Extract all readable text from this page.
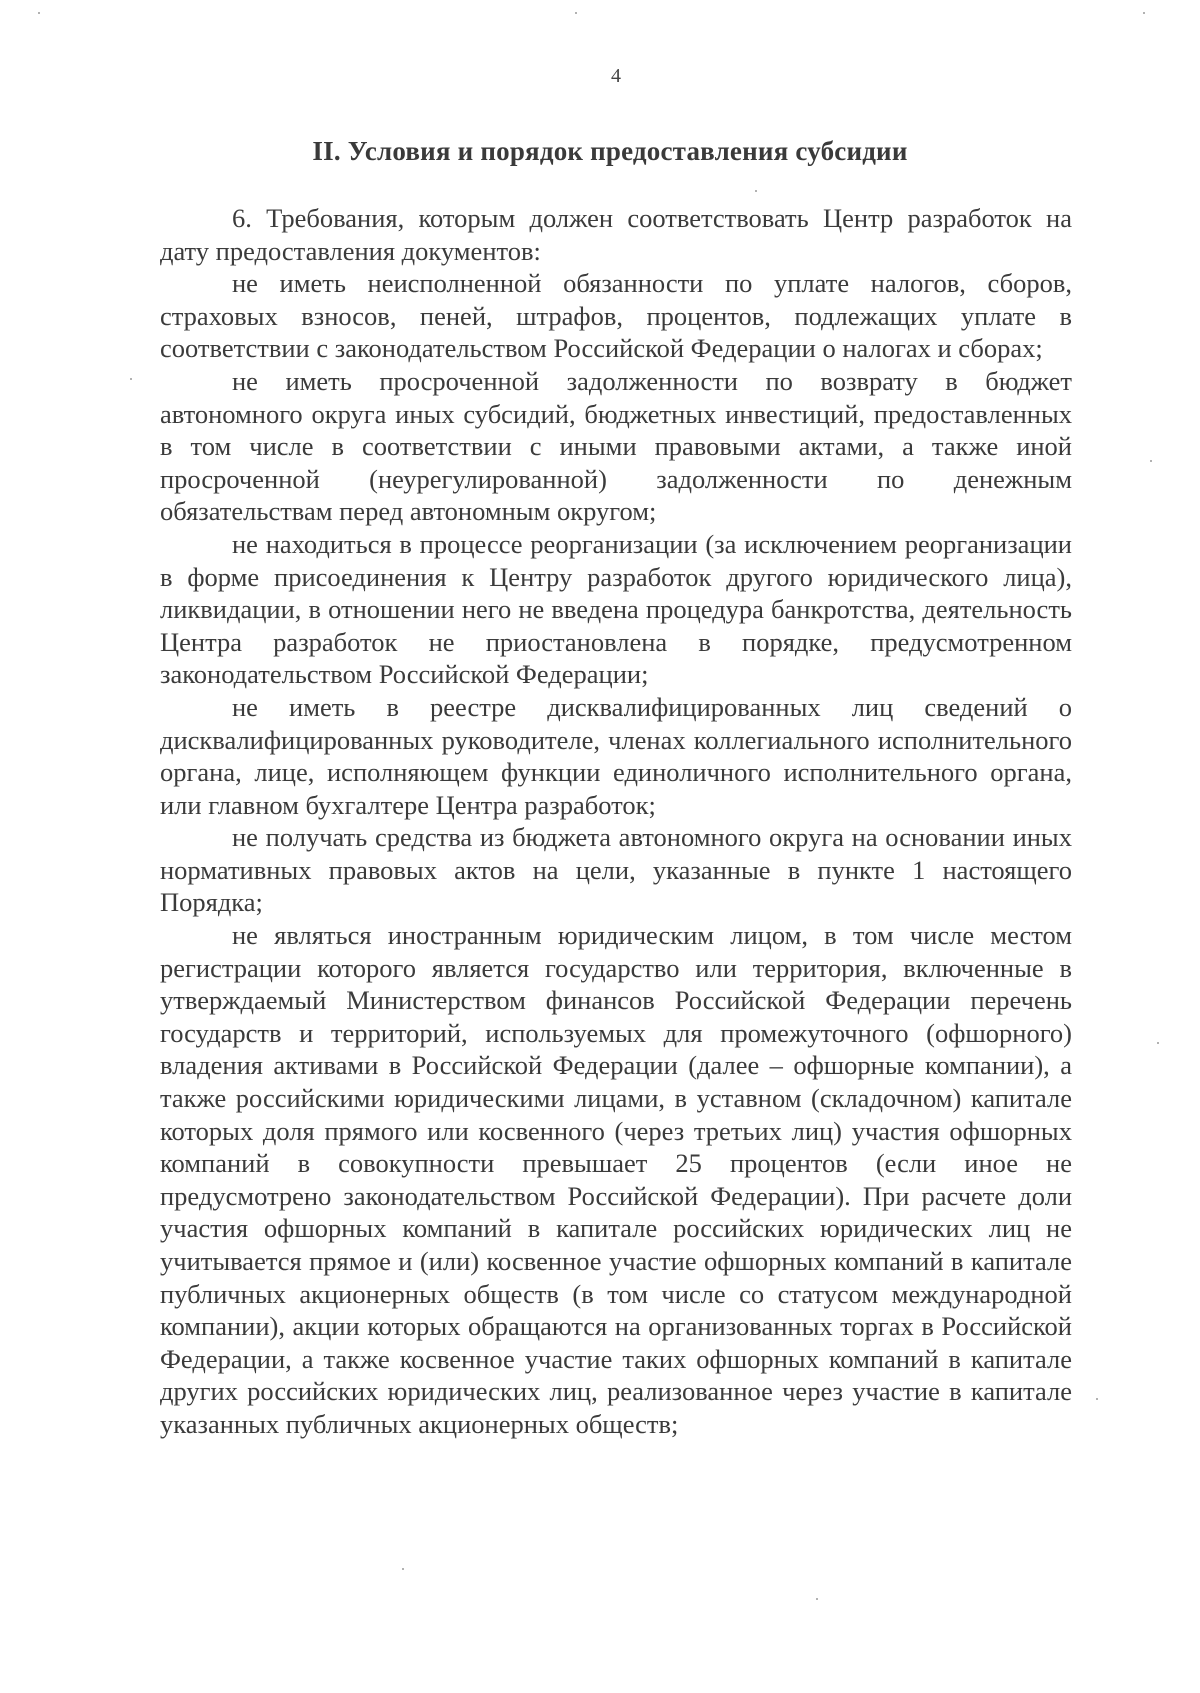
4
II. Условия и порядок предоставления субсидии

6. Требования, которым должен соответствовать Центр разработок на дату предоставления документов:

не иметь неисполненной обязанности по уплате налогов, сборов, страховых взносов, пеней, штрафов, процентов, подлежащих уплате в соответствии с законодательством Российской Федерации о налогах и сборах;

не иметь просроченной задолженности по возврату в бюджет автономного округа иных субсидий, бюджетных инвестиций, предоставленных в том числе в соответствии с иными правовыми актами, а также иной просроченной (неурегулированной) задолженности по денежным обязательствам перед автономным округом;

не находиться в процессе реорганизации (за исключением реорганизации в форме присоединения к Центру разработок другого юридического лица), ликвидации, в отношении него не введена процедура банкротства, деятельность Центра разработок не приостановлена в порядке, предусмотренном законодательством Российской Федерации;

не иметь в реестре дисквалифицированных лиц сведений о дисквалифицированных руководителе, членах коллегиального исполнительного органа, лице, исполняющем функции единоличного исполнительного органа, или главном бухгалтере Центра разработок;

не получать средства из бюджета автономного округа на основании иных нормативных правовых актов на цели, указанные в пункте 1 настоящего Порядка;

не являться иностранным юридическим лицом, в том числе местом регистрации которого является государство или территория, включенные в утверждаемый Министерством финансов Российской Федерации перечень государств и территорий, используемых для промежуточного (офшорного) владения активами в Российской Федерации (далее – офшорные компании), а также российскими юридическими лицами, в уставном (складочном) капитале которых доля прямого или косвенного (через третьих лиц) участия офшорных компаний в совокупности превышает 25 процентов (если иное не предусмотрено законодательством Российской Федерации). При расчете доли участия офшорных компаний в капитале российских юридических лиц не учитывается прямое и (или) косвенное участие офшорных компаний в капитале публичных акционерных обществ (в том числе со статусом международной компании), акции которых обращаются на организованных торгах в Российской Федерации, а также косвенное участие таких офшорных компаний в капитале других российских юридических лиц, реализованное через участие в капитале указанных публичных акционерных обществ;
